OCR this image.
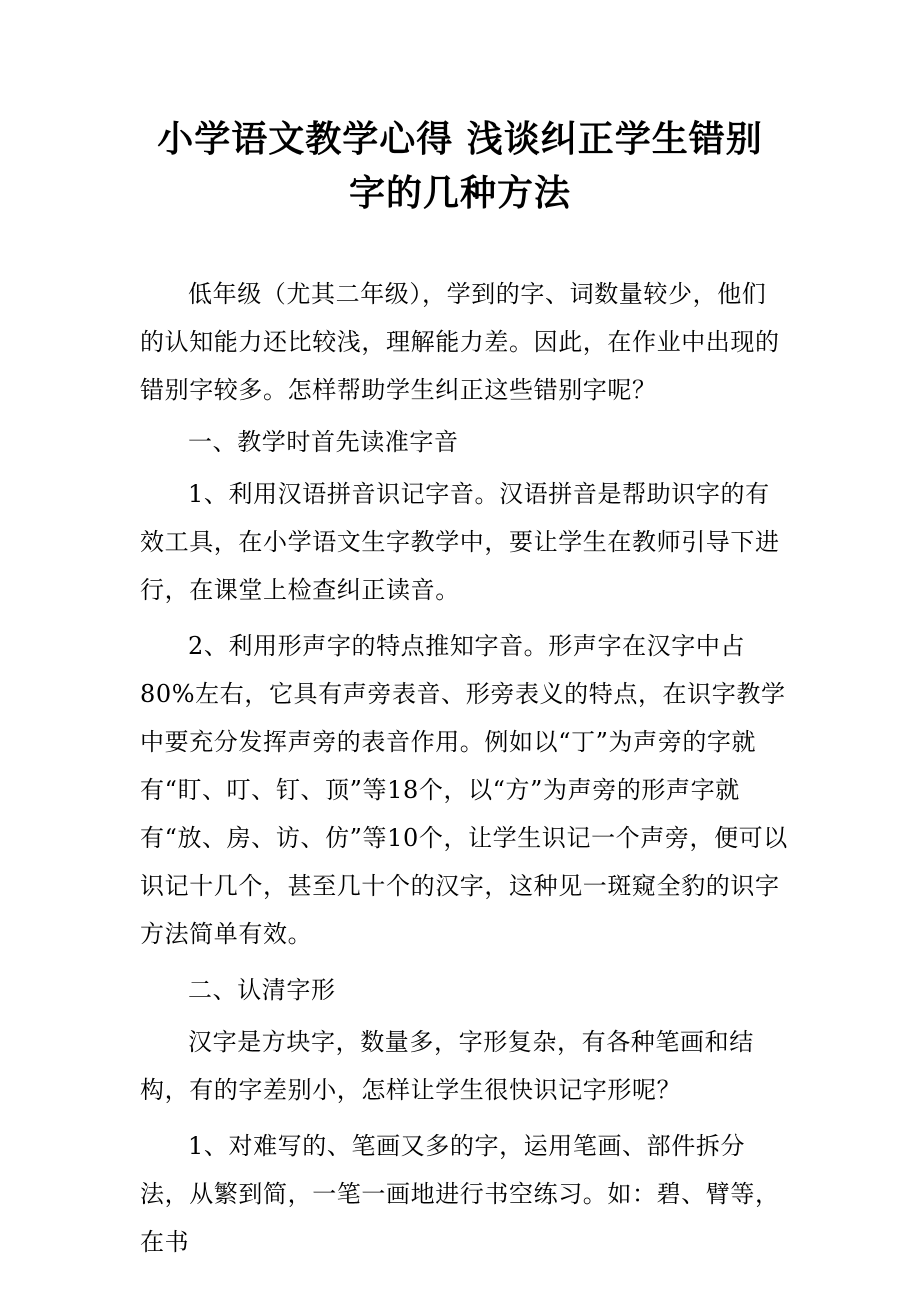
小学语文教学心得 浅谈纠正学生错别
字的几种方法

低年级（尤其二年级），学到的字、词数量较少，他们的认知能力还比较浅，理解能力差。因此，在作业中出现的错别字较多。怎样帮助学生纠正这些错别字呢？

一、教学时首先读准字音

1、利用汉语拼音识记字音。汉语拼音是帮助识字的有效工具，在小学语文生字教学中，要让学生在教师引导下进行，在课堂上检查纠正读音。

2、利用形声字的特点推知字音。形声字在汉字中占80%左右，它具有声旁表音、形旁表义的特点，在识字教学中要充分发挥声旁的表音作用。例如以“丁”为声旁的字就有“盯、叮、钉、顶”等18个，以“方”为声旁的形声字就有“放、房、访、仿”等10个，让学生识记一个声旁，便可以识记十几个，甚至几十个的汉字，这种见一斑窥全豹的识字方法简单有效。

二、认清字形

汉字是方块字，数量多，字形复杂，有各种笔画和结构，有的字差别小，怎样让学生很快识记字形呢？

1、对难写的、笔画又多的字，运用笔画、部件拆分法，从繁到简，一笔一画地进行书空练习。如：碧、臂等，在书
